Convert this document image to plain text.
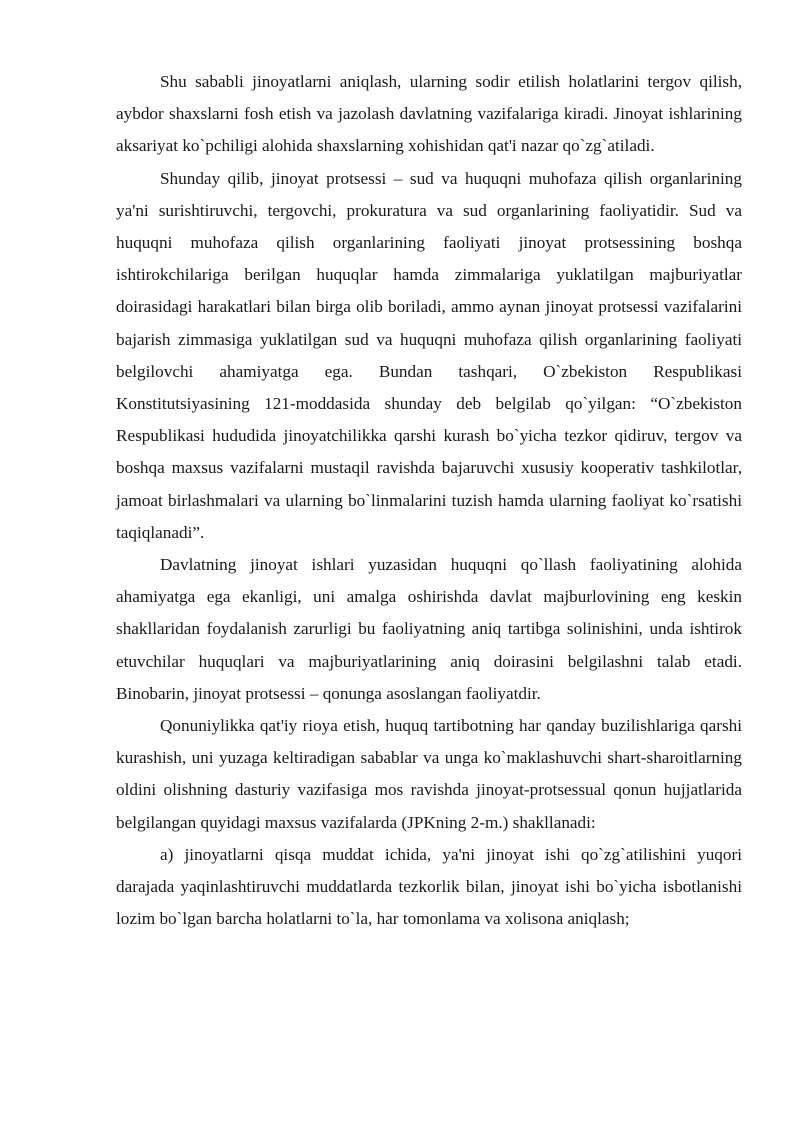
Shu sababli jinoyatlarni aniqlash, ularning sodir etilish holatlarini tergov qilish, aybdor shaxslarni fosh etish va jazolash davlatning vazifalariga kiradi. Jinoyat ishlarining aksariyat ko`pchiligi alohida shaxslarning xohishidan qat'i nazar qo`zg`atiladi.

Shunday qilib, jinoyat protsessi – sud va huquqni muhofaza qilish organlarining ya'ni surishtiruvchi, tergovchi, prokuratura va sud organlarining faoliyatidir. Sud va huquqni muhofaza qilish organlarining faoliyati jinoyat protsessining boshqa ishtirokchilariga berilgan huquqlar hamda zimmalariga yuklatilgan majburiyatlar doirasidagi harakatlari bilan birga olib boriladi, ammo aynan jinoyat protsessi vazifalarini bajarish zimmasiga yuklatilgan sud va huquqni muhofaza qilish organlarining faoliyati belgilovchi ahamiyatga ega. Bundan tashqari, O`zbekiston Respublikasi Konstitutsiyasining 121-moddasida shunday deb belgilab qo`yilgan: “O`zbekiston Respublikasi hududida jinoyatchilikka qarshi kurash bo`yicha tezkor qidiruv, tergov va boshqa maxsus vazifalarni mustaqil ravishda bajaruvchi xususiy kooperativ tashkilotlar, jamoat birlashmalari va ularning bo`linmalarini tuzish hamda ularning faoliyat ko`rsatishi taqiqlanadi”.

Davlatning jinoyat ishlari yuzasidan huquqni qo`llash faoliyatining alohida ahamiyatga ega ekanligi, uni amalga oshirishda davlat majburlovining eng keskin shakllaridan foydalanish zarurligi bu faoliyatning aniq tartibga solinishini, unda ishtirok etuvchilar huquqlari va majburiyatlarining aniq doirasini belgilashni talab etadi. Binobarin, jinoyat protsessi – qonunga asoslangan faoliyatdir.

Qonuniylikka qat'iy rioya etish, huquq tartibotning har qanday buzilishlariga qarshi kurashish, uni yuzaga keltiradigan sabablar va unga ko`maklashuvchi shart-sharoitlarning oldini olishning dasturiy vazifasiga mos ravishda jinoyat-protsessual qonun hujjatlarida belgilangan quyidagi maxsus vazifalarda (JPKning 2-m.) shakllanadi:

a) jinoyatlarni qisqa muddat ichida, ya'ni jinoyat ishi qo`zg`atilishini yuqori darajada yaqinlashtiruvchi muddatlarda tezkorlik bilan, jinoyat ishi bo`yicha isbotlanishi lozim bo`lgan barcha holatlarni to`la, har tomonlama va xolisona aniqlash;
